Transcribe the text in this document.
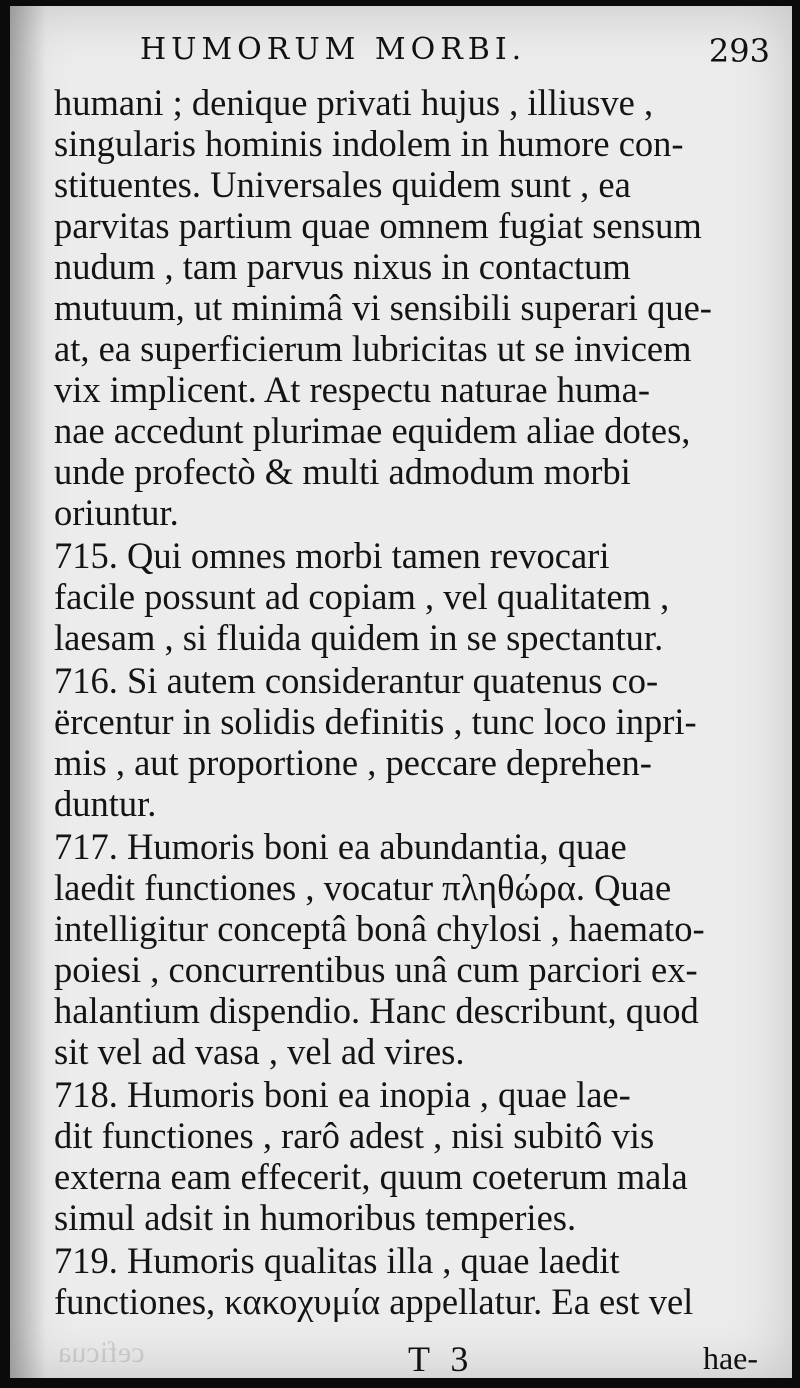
HUMORUM MORBI.	293
humani ; denique privati hujus , illiusve ,
singularis hominis indolem in humore con-
stituentes. Universales quidem sunt , ea
parvitas partium quae omnem fugiat sensum
nudum , tam parvus nixus in contactum
mutuum, ut minimâ vi sensibili superari que-
at, ea superficierum lubricitas ut se invicem
vix implicent. At respectu naturae huma-
nae accedunt plurimae equidem aliae dotes,
unde profectò & multi admodum morbi
oriuntur.
715. Qui omnes morbi tamen revocari
facile possunt ad copiam , vel qualitatem ,
laesam , si fluida quidem in se spectantur.
716. Si autem considerantur quatenus co-
ërcentur in solidis definitis , tunc loco inpri-
mis , aut proportione , peccare deprehen-
duntur.
717. Humoris boni ea abundantia, quae
laedit functiones , vocatur πληθώρα. Quae
intelligitur conceptâ bonâ chylosi , haemato-
poiesi , concurrentibus unâ cum parciori ex-
halantium dispendio. Hanc describunt, quod
sit vel ad vasa , vel ad vires.
718. Humoris boni ea inopia , quae lae-
dit functiones , rarô adest , nisi subitô vis
externa eam effecerit, quum coeterum mala
simul adsit in humoribus temperies.
719. Humoris qualitas illa , quae laedit
functiones, κακοχυμία appellatur. Ea est vel
ceficua	T 3	hae-
